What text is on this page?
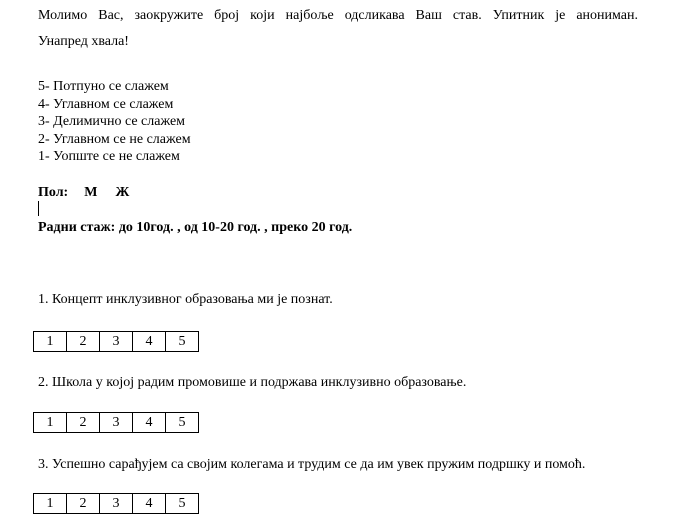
Молимо Вас, заокружите број који најбоље одсликава Ваш став. Упитник је анониман.
Унапред хвала!
5- Потпуно се слажем
4- Углавном се слажем
3- Делимично се слажем
2- Углавном се не слажем
1- Уопште се не слажем
Пол: М Ж
Радни стаж: до 10год. , од 10-20 год. , преко 20 год.
1. Концепт инклузивног образовања ми је познат.
1	2	3	4	5
2. Школа у којој радим промовише и подржава инклузивно образовање.
1	2	3	4	5
3. Успешно сарађујем са својим колегама и трудим се да им увек пружим подршку и помоћ.
1	2	3	4	5
